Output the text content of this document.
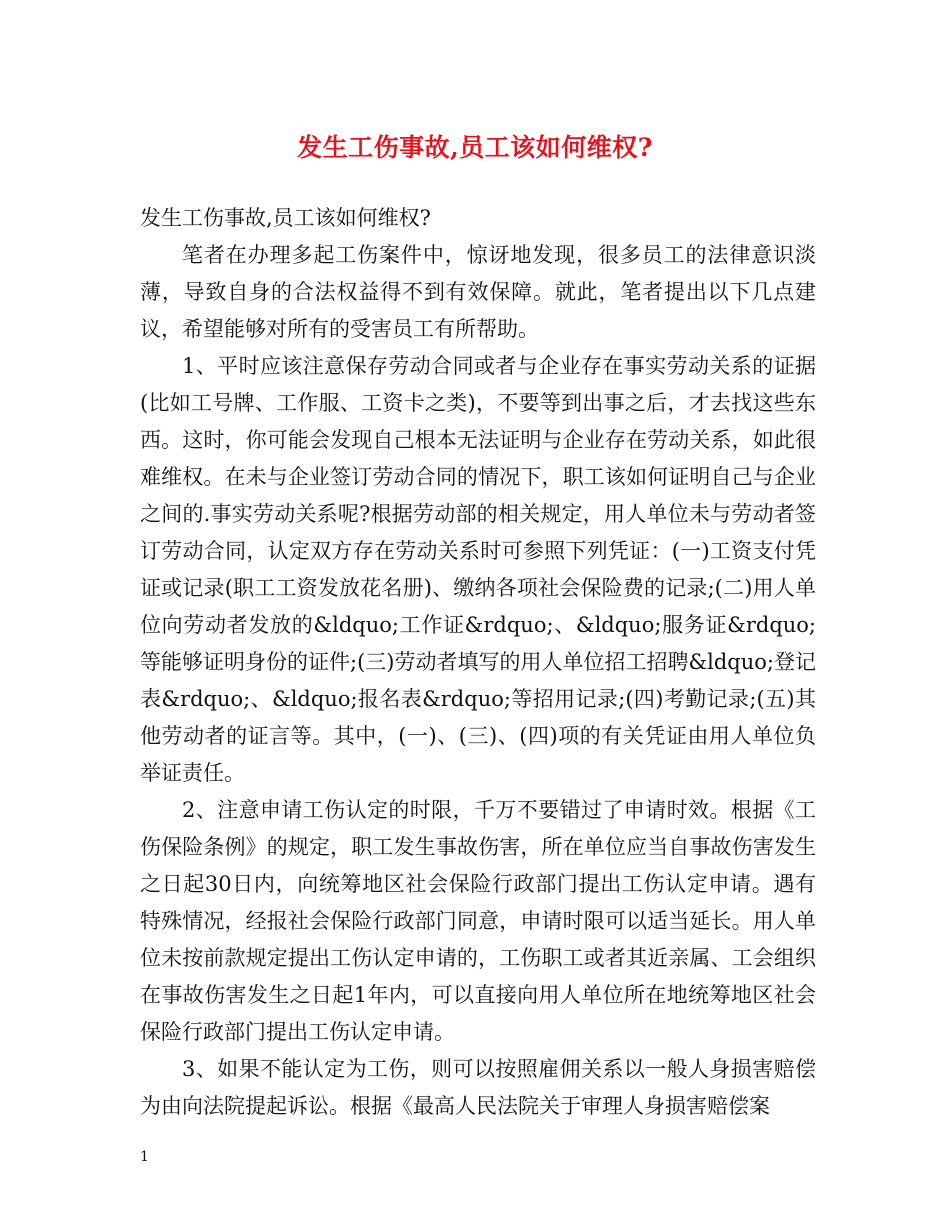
发生工伤事故,员工该如何维权?

发生工伤事故,员工该如何维权?

笔者在办理多起工伤案件中，惊讶地发现，很多员工的法律意识淡薄，导致自身的合法权益得不到有效保障。就此，笔者提出以下几点建议，希望能够对所有的受害员工有所帮助。

1、平时应该注意保存劳动合同或者与企业存在事实劳动关系的证据(比如工号牌、工作服、工资卡之类)，不要等到出事之后，才去找这些东西。这时，你可能会发现自己根本无法证明与企业存在劳动关系，如此很难维权。在未与企业签订劳动合同的情况下，职工该如何证明自己与企业之间的.事实劳动关系呢?根据劳动部的相关规定，用人单位未与劳动者签订劳动合同，认定双方存在劳动关系时可参照下列凭证：(一)工资支付凭证或记录(职工工资发放花名册)、缴纳各项社会保险费的记录;(二)用人单位向劳动者发放的&ldquo;工作证&rdquo;、&ldquo;服务证&rdquo;等能够证明身份的证件;(三)劳动者填写的用人单位招工招聘&ldquo;登记表&rdquo;、&ldquo;报名表&rdquo;等招用记录;(四)考勤记录;(五)其他劳动者的证言等。其中，(一)、(三)、(四)项的有关凭证由用人单位负举证责任。

2、注意申请工伤认定的时限，千万不要错过了申请时效。根据《工伤保险条例》的规定，职工发生事故伤害，所在单位应当自事故伤害发生之日起30日内，向统筹地区社会保险行政部门提出工伤认定申请。遇有特殊情况，经报社会保险行政部门同意，申请时限可以适当延长。用人单位未按前款规定提出工伤认定申请的，工伤职工或者其近亲属、工会组织在事故伤害发生之日起1年内，可以直接向用人单位所在地统筹地区社会保险行政部门提出工伤认定申请。

3、如果不能认定为工伤，则可以按照雇佣关系以一般人身损害赔偿为由向法院提起诉讼。根据《最高人民法院关于审理人身损害赔偿案

1
